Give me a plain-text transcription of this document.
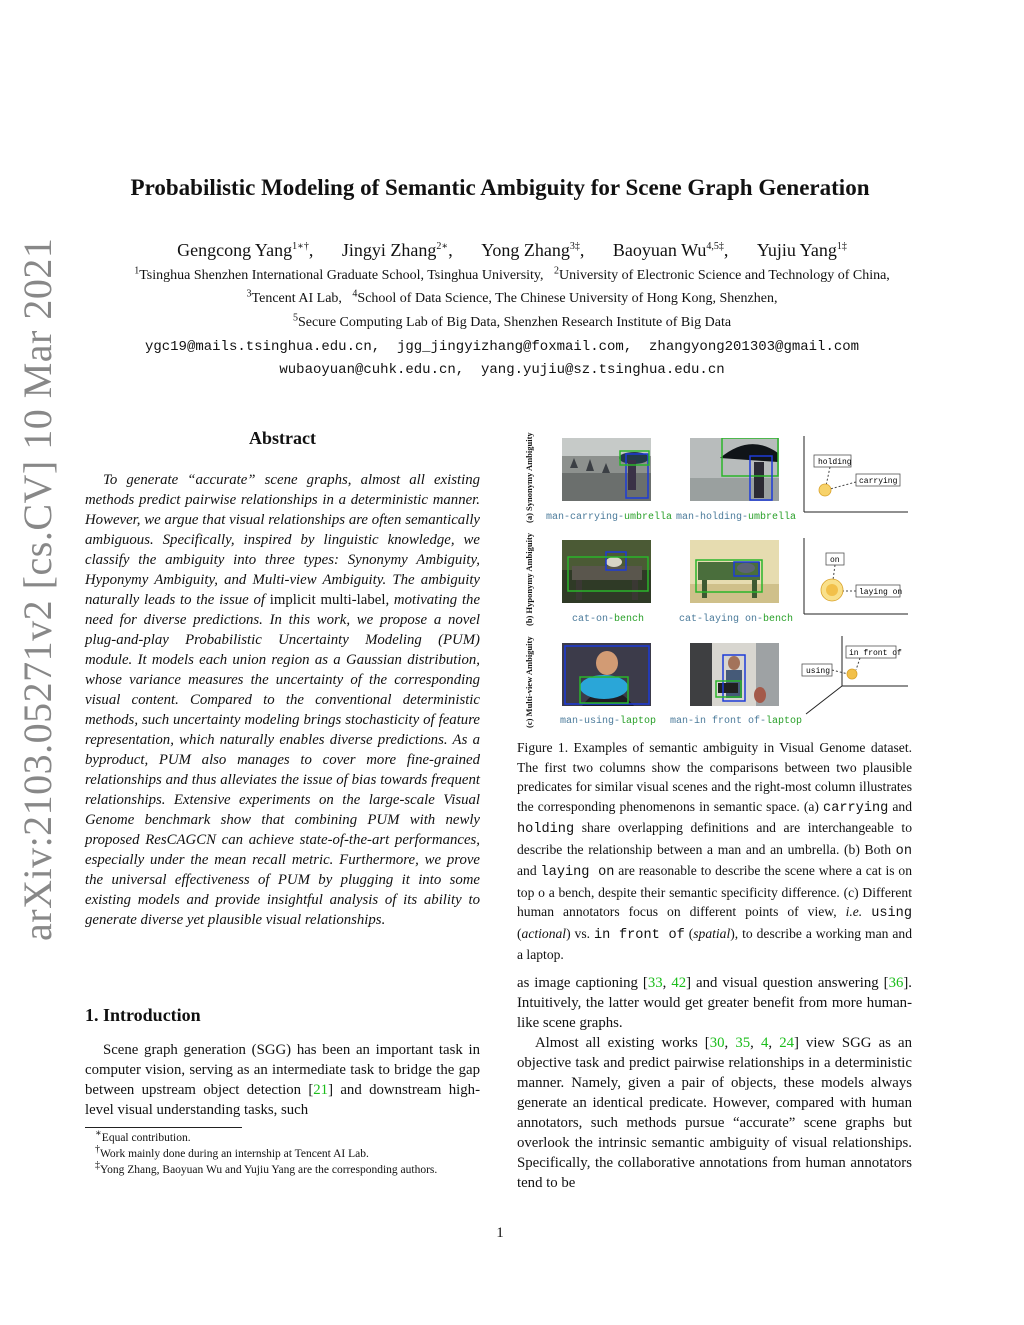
arXiv:2103.05271v2 [cs.CV] 10 Mar 2021
Probabilistic Modeling of Semantic Ambiguity for Scene Graph Generation
Gengcong Yang$^{1∗\dagger}$, Jingyi Zhang$^{2∗}$, Yong Zhang$^{3\ddagger}$, Baoyuan $Wu^{4,5\ddagger}$, Yujiu Yang$^{1\ddagger}$
$^1$Tsinghua Shenzhen International Graduate School, Tsinghua University, $^2$University of Electronic Science and Technology of China,
$^3$Tencent AI Lab, $^4$School of Data Science, The Chinese University of Hong Kong, Shenzhen,
$^5$Secure Computing Lab of Big Data, Shenzhen Research Institute of Big Data
ygc19@mails.tsinghua.edu.cn,  jgg_jingyizhang@foxmail.com,  zhangyong201303@gmail.com
wubaoyuan@cuhk.edu.cn,  yang.yujiu@sz.tsinghua.edu.cn
Abstract
To generate “accurate” scene graphs, almost all existing methods predict pairwise relationships in a deterministic manner. However, we argue that visual relationships are often semantically ambiguous. Specifically, inspired by linguistic knowledge, we classify the ambiguity into three types: Synonymy Ambiguity, Hyponymy Ambiguity, and Multi-view Ambiguity. The ambiguity naturally leads to the issue of implicit multi-label, motivating the need for diverse predictions. In this work, we propose a novel plug-and-play Probabilistic Uncertainty Modeling (PUM) module. It models each union region as a Gaussian distribution, whose variance measures the uncertainty of the corresponding visual content. Compared to the conventional deterministic methods, such uncertainty modeling brings stochasticity of feature representation, which naturally enables diverse predictions. As a byproduct, PUM also manages to cover more fine-grained relationships and thus alleviates the issue of bias towards frequent relationships. Extensive experiments on the large-scale Visual Genome benchmark show that combining PUM with newly proposed ResCAGCN can achieve state-of-the-art performances, especially under the mean recall metric. Furthermore, we prove the universal effectiveness of PUM by plugging it into some existing models and provide insightful analysis of its ability to generate diverse yet plausible visual relationships.
1. Introduction
Scene graph generation (SGG) has been an important task in computer vision, serving as an intermediate task to bridge the gap between upstream object detection [21] and downstream high-level visual understanding tasks, such
∗Equal contribution.
†Work mainly done during an internship at Tencent AI Lab.
‡Yong Zhang, Baoyuan Wu and Yujiu Yang are the corresponding authors.
(a) Synonymy Ambiguity
(b) Hyponymy Ambiguity
(c) Multi-view Ambiguity
man-carrying-umbrella man-holding-umbrella
cat-on-bench	cat-laying on-bench
man-using-laptop man-in front of-laptop
holding
carrying
on
laying on
in front of
using
Figure 1. Examples of semantic ambiguity in Visual Genome dataset. The first two columns show the comparisons between two plausible predicates for similar visual scenes and the right-most column illustrates the corresponding phenomenons in semantic space. (a) carrying and holding share overlapping definitions and are interchangeable to describe the relationship between a man and an umbrella. (b) Both on and laying on are reasonable to describe the scene where a cat is on top o a bench, despite their semantic specificity difference. (c) Different human annotators focus on different points of view, i.e. using (actional) vs. in front of (spatial), to describe a working man and a laptop.

as image captioning [33, 42] and visual question answering [36]. Intuitively, the latter would get greater benefit from more human-like scene graphs.

Almost all existing works [30, 35, 4, 24] view SGG as an objective task and predict pairwise relationships in a deterministic manner. Namely, given a pair of objects, these models always generate an identical predicate. However, compared with human annotators, such methods pursue “accurate” scene graphs but overlook the intrinsic semantic ambiguity of visual relationships. Specifically, the collaborative annotations from human annotators tend to be

1
